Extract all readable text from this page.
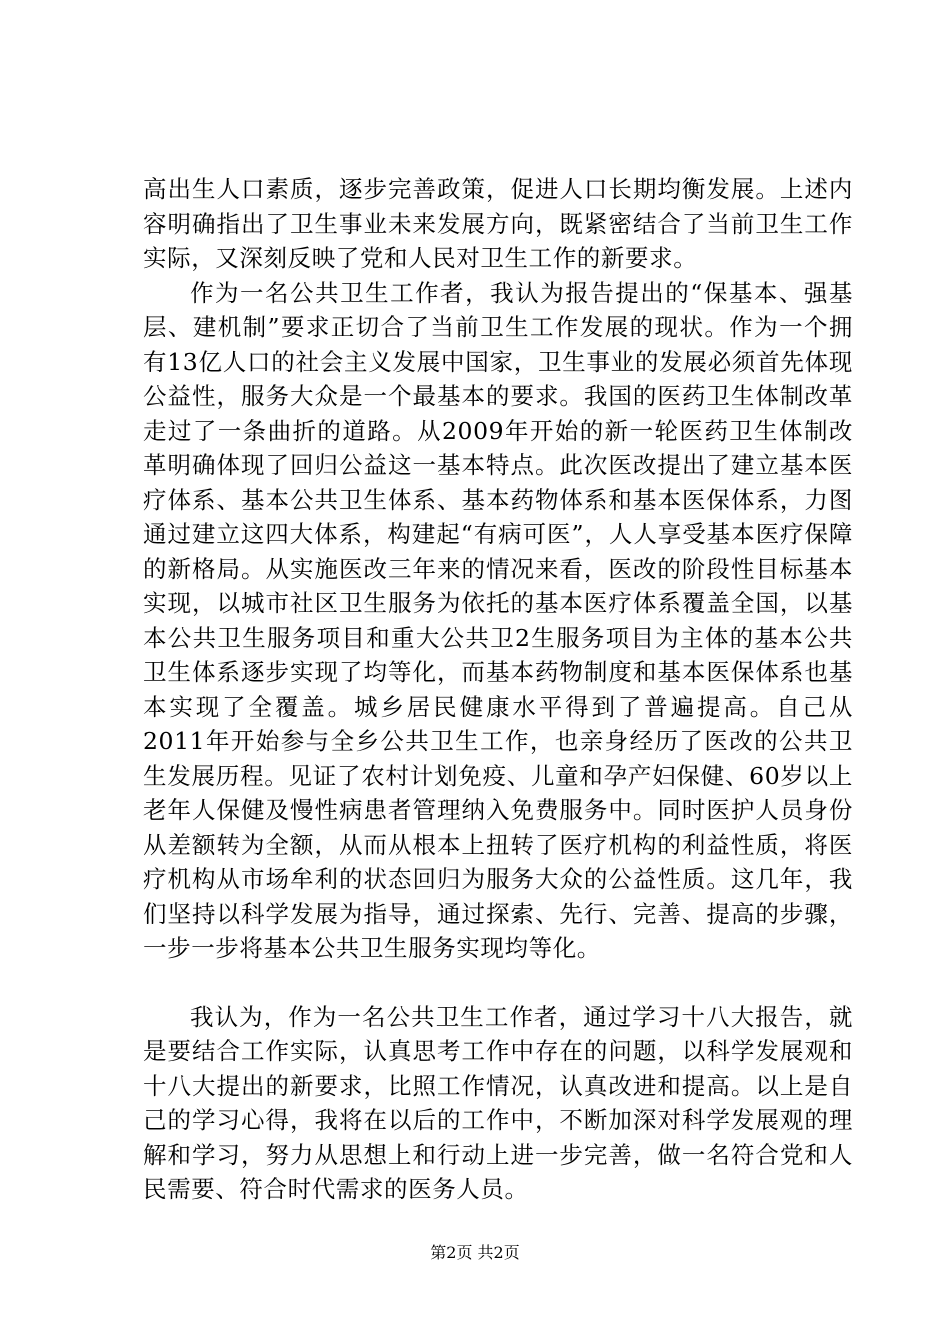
高出生人口素质，逐步完善政策，促进人口长期均衡发展。上述内容明确指出了卫生事业未来发展方向，既紧密结合了当前卫生工作实际，又深刻反映了党和人民对卫生工作的新要求。

作为一名公共卫生工作者，我认为报告提出的“保基本、强基层、建机制”要求正切合了当前卫生工作发展的现状。作为一个拥有13亿人口的社会主义发展中国家，卫生事业的发展必须首先体现公益性，服务大众是一个最基本的要求。我国的医药卫生体制改革走过了一条曲折的道路。从2009年开始的新一轮医药卫生体制改革明确体现了回归公益这一基本特点。此次医改提出了建立基本医疗体系、基本公共卫生体系、基本药物体系和基本医保体系，力图通过建立这四大体系，构建起“有病可医”，人人享受基本医疗保障的新格局。从实施医改三年来的情况来看，医改的阶段性目标基本实现，以城市社区卫生服务为依托的基本医疗体系覆盖全国，以基本公共卫生服务项目和重大公共卫2生服务项目为主体的基本公共卫生体系逐步实现了均等化，而基本药物制度和基本医保体系也基本实现了全覆盖。城乡居民健康水平得到了普遍提高。自己从2011年开始参与全乡公共卫生工作，也亲身经历了医改的公共卫生发展历程。见证了农村计划免疫、儿童和孕产妇保健、60岁以上老年人保健及慢性病患者管理纳入免费服务中。同时医护人员身份从差额转为全额，从而从根本上扭转了医疗机构的利益性质，将医疗机构从市场牟利的状态回归为服务大众的公益性质。这几年，我们坚持以科学发展为指导，通过探索、先行、完善、提高的步骤，一步一步将基本公共卫生服务实现均等化。

我认为，作为一名公共卫生工作者，通过学习十八大报告，就是要结合工作实际，认真思考工作中存在的问题，以科学发展观和十八大提出的新要求，比照工作情况，认真改进和提高。以上是自己的学习心得，我将在以后的工作中，不断加深对科学发展观的理解和学习，努力从思想上和行动上进一步完善，做一名符合党和人民需要、符合时代需求的医务人员。

第2页 共2页
